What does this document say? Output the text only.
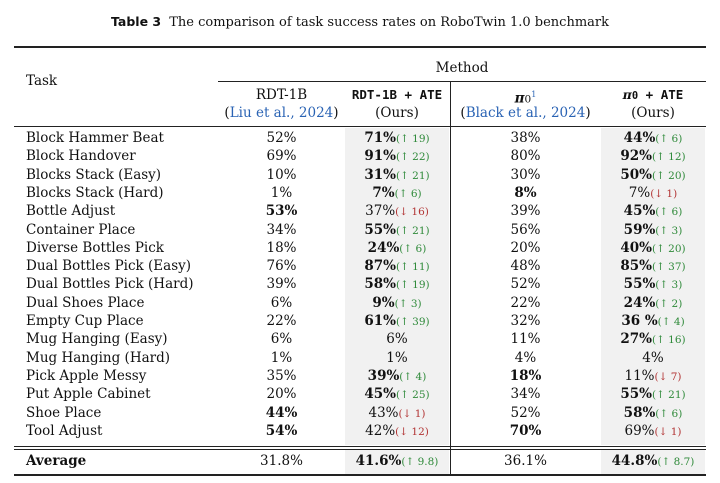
Table 3 The comparison of task success rates on RoboTwin 1.0 benchmark
Task
Method
RDT-1B
(Liu et al., 2024)
RDT-1B + ATE
(Ours)
$\pi 0^1$
(Black et al., 2024)
π0 + ATE
(Ours)
Block Hammer Beat	52%	71%(↑ 19)	38%	44%(↑ 6)
Block Handover	69%	91%(↑ 22)	80%	92%(↑ 12)
Blocks Stack (Easy)	10%	31%(↑ 21)	30%	50%(↑ 20)
Blocks Stack (Hard)	1%	7%(↑ 6)	8%	7%(↓ 1)
Bottle Adjust	53%	37%(↓ 16)	39%	45%(↑ 6)
Container Place	34%	55%(↑ 21)	56%	59%(↑ 3)
Diverse Bottles Pick	18%	24%(↑ 6)	20%	40%(↑ 20)
Dual Bottles Pick (Easy)	76%	87%(↑ 11)	48%	85%(↑ 37)
Dual Bottles Pick (Hard)	39%	58%(↑ 19)	52%	55%(↑ 3)
Dual Shoes Place	6%	9%(↑ 3)	22%	24%(↑ 2)
Empty Cup Place	22%	61%(↑ 39)	32%	36 %(↑ 4)
Mug Hanging (Easy)	6%	6%	11%	27%(↑ 16)
Mug Hanging (Hard)	1%	1%	4%	4%
Pick Apple Messy	35%	39%(↑ 4)	18%	11%(↓ 7)
Put Apple Cabinet	20%	45%(↑ 25)	34%	55%(↑ 21)
Shoe Place	44%	43%(↓ 1)	52%	58%(↑ 6)
Tool Adjust	54%	42%(↓ 12)	70%	69%(↓ 1)
Average	31.8%	41.6%(↑ 9.8)	36.1%	44.8%(↑ 8.7)
